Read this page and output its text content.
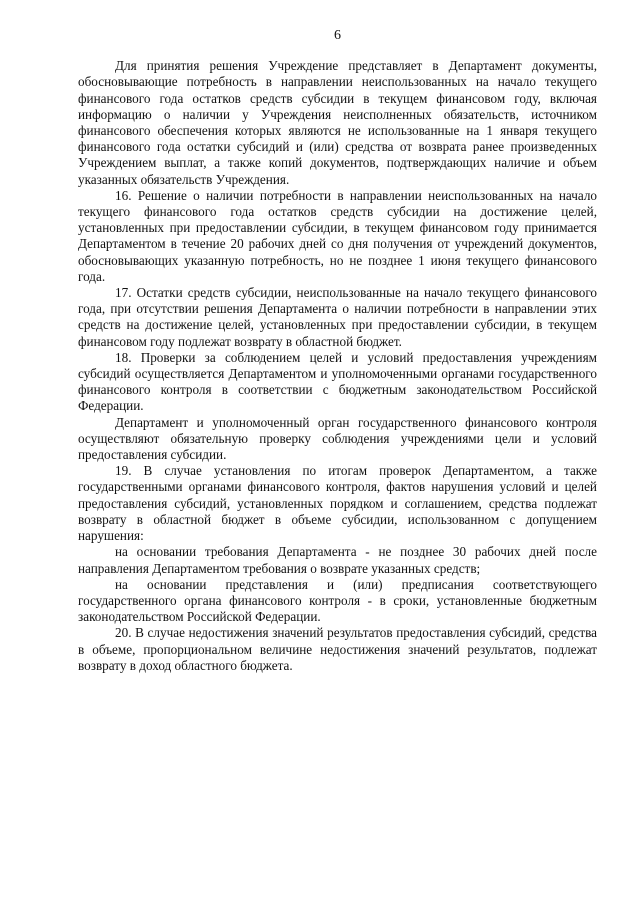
6

Для принятия решения Учреждение представляет в Департамент документы, обосновывающие потребность в направлении неиспользованных на начало текущего финансового года остатков средств субсидии в текущем финансовом году, включая информацию о наличии у Учреждения неисполненных обязательств, источником финансового обеспечения которых являются не использованные на 1 января текущего финансового года остатки субсидий и (или) средства от возврата ранее произведенных Учреждением выплат, а также копий документов, подтверждающих наличие и объем указанных обязательств Учреждения.

16. Решение о наличии потребности в направлении неиспользованных на начало текущего финансового года остатков средств субсидии на достижение целей, установленных при предоставлении субсидии, в текущем финансовом году принимается Департаментом в течение 20 рабочих дней со дня получения от учреждений документов, обосновывающих указанную потребность, но не позднее 1 июня текущего финансового года.

17. Остатки средств субсидии, неиспользованные на начало текущего финансового года, при отсутствии решения Департамента о наличии потребности в направлении этих средств на достижение целей, установленных при предоставлении субсидии, в текущем финансовом году подлежат возврату в областной бюджет.

18. Проверки за соблюдением целей и условий предоставления учреждениям субсидий осуществляется Департаментом и уполномоченными органами государственного финансового контроля в соответствии с бюджетным законодательством Российской Федерации.

Департамент и уполномоченный орган государственного финансового контроля осуществляют обязательную проверку соблюдения учреждениями цели и условий предоставления субсидии.

19. В случае установления по итогам проверок Департаментом, а также государственными органами финансового контроля, фактов нарушения условий и целей предоставления субсидий, установленных порядком и соглашением, средства подлежат возврату в областной бюджет в объеме субсидии, использованном с допущением нарушения:

на основании требования Департамента - не позднее 30 рабочих дней после направления Департаментом требования о возврате указанных средств;

на основании представления и (или) предписания соответствующего государственного органа финансового контроля - в сроки, установленные бюджетным законодательством Российской Федерации.

20. В случае недостижения значений результатов предоставления субсидий, средства в объеме, пропорциональном величине недостижения значений результатов, подлежат возврату в доход областного бюджета.
